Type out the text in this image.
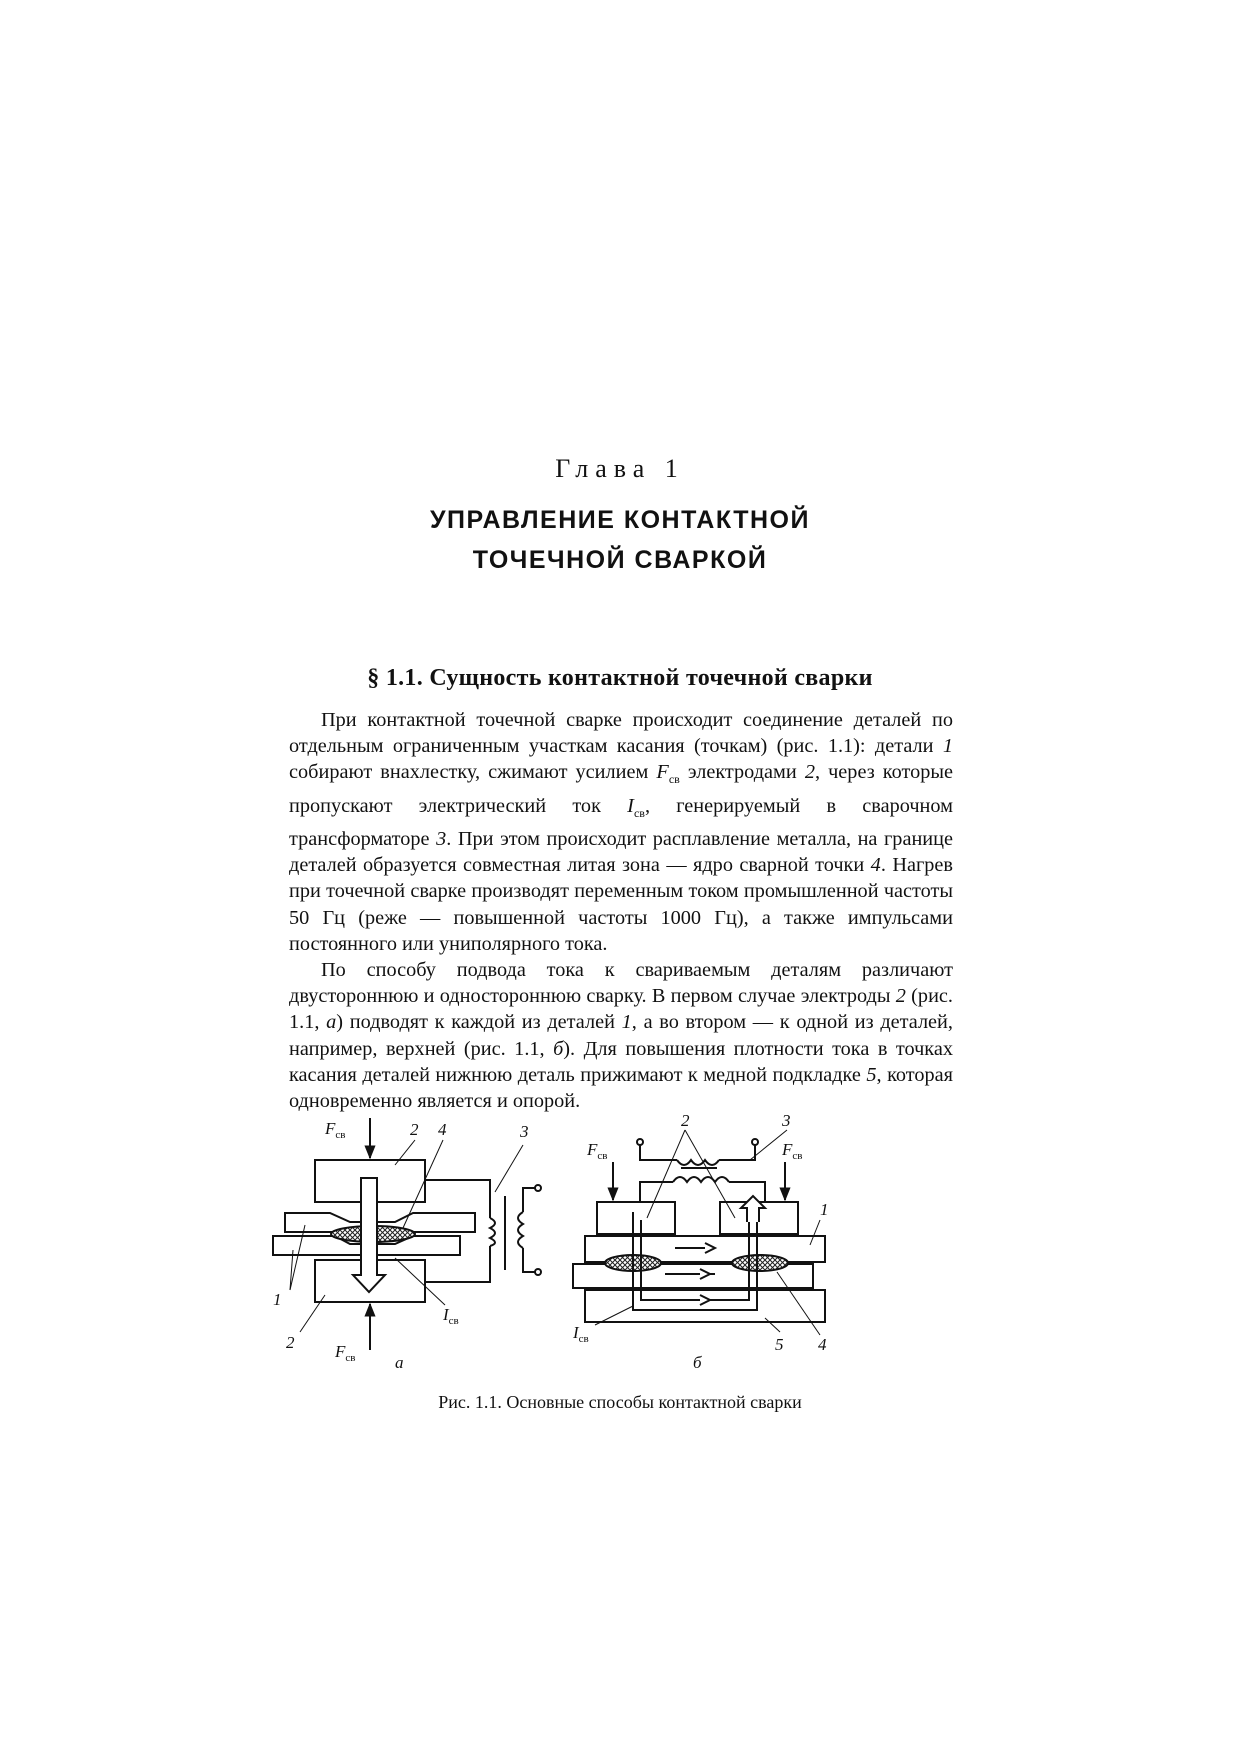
Глава 1
УПРАВЛЕНИЕ КОНТАКТНОЙ
ТОЧЕЧНОЙ СВАРКОЙ
§ 1.1. Сущность контактной точечной сварки

При контактной точечной сварке происходит соединение деталей по отдельным ограниченным участкам касания (точкам) (рис. 1.1): детали 1 собирают внахлестку, сжимают усилием $F_{св}$ электродами 2, через которые пропускают электрический ток $I_{св}$, генерируемый в сварочном трансформаторе 3. При этом происходит расплавление металла, на границе деталей образуется совместная литая зона — ядро сварной точки 4. Нагрев при точечной сварке производят переменным током промышленной частоты 50 Гц (реже — повышенной частоты 1000 Гц), а также импульсами постоянного или униполярного тока.

По способу подвода тока к свариваемым деталям различают двустороннюю и одностороннюю сварку. В первом случае электроды 2 (рис. 1.1, а) подводят к каждой из деталей 1, а во втором — к одной из деталей, например, верхней (рис. 1.1, б). Для повышения плотности тока в точках касания деталей нижнюю деталь прижимают к медной подкладке 5, которая одновременно является и опорой.

$F_{св}$	2 4	3
1
2
$I_{св}$
$F_{св}$ а
2	3
$F_{св}$	$F_{св}$
1
$I_{св}$	5 4
б
Рис. 1.1. Основные способы контактной сварки
